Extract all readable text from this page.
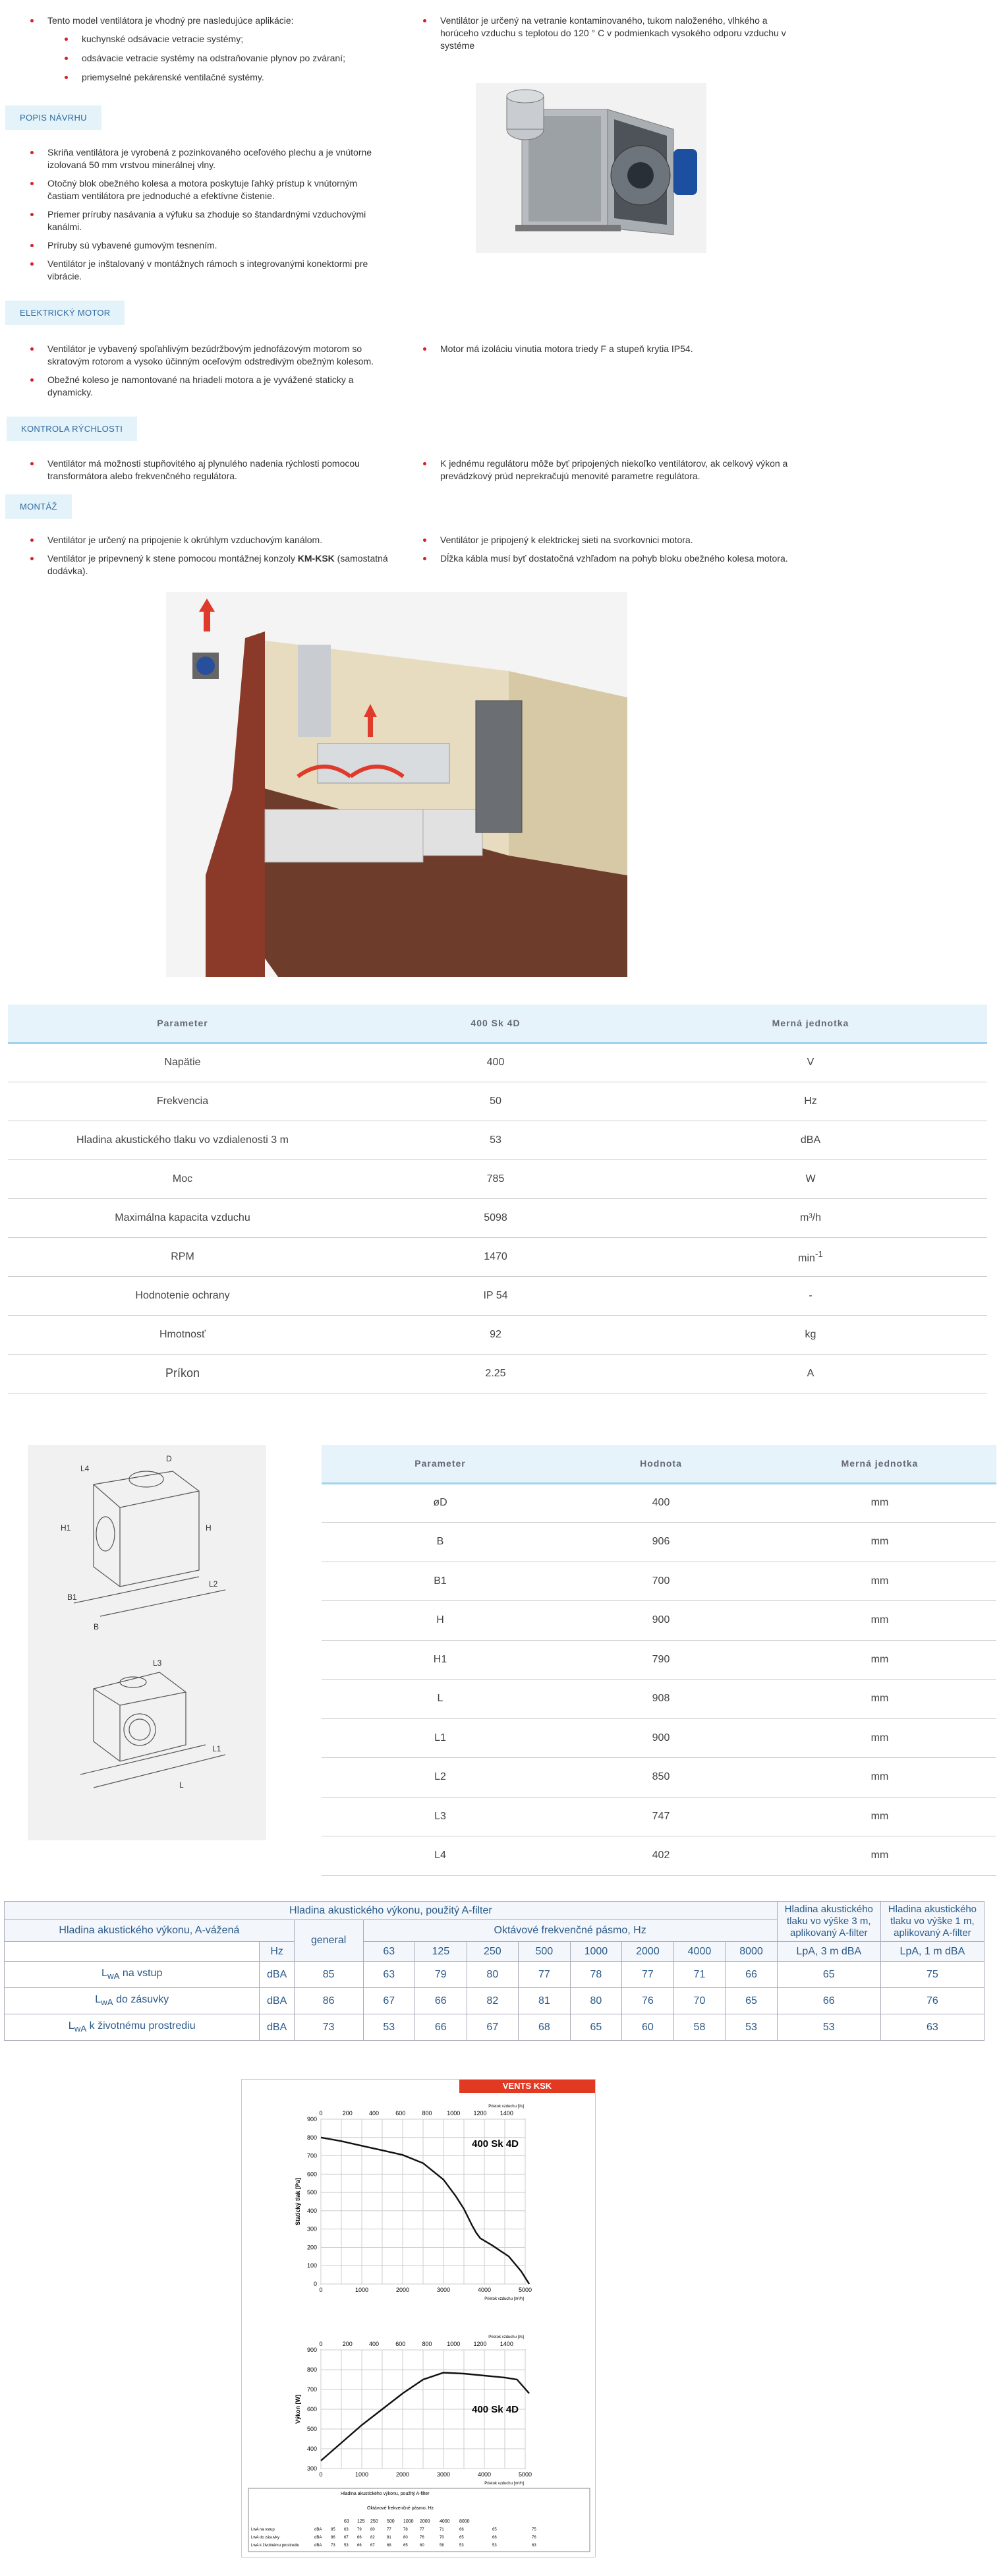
Tento model ventilátora je vhodný pre nasledujúce aplikácie:
kuchynské odsávacie vetracie systémy;
odsávacie vetracie systémy na odstraňovanie plynov po zváraní;
priemyselné pekárenské ventilačné systémy.
Ventilátor je určený na vetranie kontaminovaného, tukom naloženého, vlhkého a horúceho vzduchu s teplotou do 120 ° C v podmienkach vysokého odporu vzduchu v systéme
POPIS NÁVRHU
Skriňa ventilátora je vyrobená z pozinkovaného oceľového plechu a je vnútorne izolovaná 50 mm vrstvou minerálnej vlny.
Otočný blok obežného kolesa a motora poskytuje ľahký prístup k vnútorným častiam ventilátora pre jednoduché a efektívne čistenie.
Priemer príruby nasávania a výfuku sa zhoduje so štandardnými vzduchovými kanálmi.
Príruby sú vybavené gumovým tesnením.
Ventilátor je inštalovaný v montážnych rámoch s integrovanými konektormi pre vibrácie.
ELEKTRICKÝ MOTOR
Ventilátor je vybavený spoľahlivým bezúdržbovým jednofázovým motorom so skratovým rotorom a vysoko účinným oceľovým odstredivým obežným kolesom.
Obežné koleso je namontované na hriadeli motora a je vyvážené staticky a dynamicky.
Motor má izoláciu vinutia motora triedy F a stupeň krytia IP54.
KONTROLA RÝCHLOSTI
Ventilátor má možnosti stupňovitého aj plynulého nadenia rýchlosti pomocou transformátora alebo frekvenčného regulátora.
K jednému regulátoru môže byť pripojených niekoľko ventilátorov, ak celkový výkon a prevádzkový prúd neprekračujú menovité parametre regulátora.
MONTÁŽ
Ventilátor je určený na pripojenie k okrúhlym vzduchovým kanálom.
Ventilátor je pripevnený k stene pomocou montážnej konzoly KM-KSK (samostatná dodávka).
Ventilátor je pripojený k elektrickej sieti na svorkovnici motora.
Dĺžka kábla musí byť dostatočná vzhľadom na pohyb bloku obežného kolesa motora.
Parameter	400 Sk 4D	Merná jednotka
Napätie	400	V
Frekvencia	50	Hz
Hladina akustického tlaku vo vzdialenosti 3 m	53	dBA
Moc	785	W
Maximálna kapacita vzduchu	5098	m³/h
RPM	1470	$\min^{-1}$
Hodnotenie ochrany	IP 54	-
Hmotnosť	92	kg
Príkon	2.25	A
L4
D
H1	H
B1
B
L2
L3
L1
L
Parameter	Hodnota	Merná jednotka
øD	400	mm
B	906	mm
B1	700	mm
H	900	mm
H1	790	mm
L	908	mm
L1	900	mm
L2	850	mm
L3	747	mm
L4	402	mm
Hladina akustického výkonu, použitý A-filter											Hladina akustického tlaku vo výške 3 m, aplikovaný A-filter	Hladina akustického tlaku vo výške 1 m, aplikovaný A-filter
Hladina akustického výkonu, A-vážená		general	Oktávové frekvenčné pásmo, Hz									
	Hz		63	125	250	500	1000	2000	4000	8000	LpA, 3 m dBA	LpA, 1 m dBA
$L_{wA}$ na vstup	dBA	85	63	79	80	77	78	77	71	66	65	75
$L_{wA}$ do zásuvky	dBA	86	67	66	82	81	80	76	70	65	66	76
$L_{wA}$ k životnému prostrediu	dBA	73	53	66	67	68	65	60	58	53	53	63
VENTS KSK
0
100
200
300
400
500
600
700
800
900
0	1000	2000	3000	4000	5000
0	200	400	600	800	1000 1200 1400
Prietok vzduchu [l/s]
Prietok vzduchu [m³/h]
Statický tlak [Pa]
400 Sk 4D
300
400
500
600
700
800
900
0	1000	2000	3000	4000	5000
0	200	400	600	800	1000 1200 1400
Prietok vzduchu [l/s]
Prietok vzduchu [m³/h]
Výkon [W]	400 Sk 4D
Hladina akustického výkonu, použitý A-filter
Oktávové frekvenčné pásmo, Hz
63 125 250 500 1000 2000 4000 8000
LwA na vstup	dBA 85 63 79 80	77	78	77	71	66	65	75
LwA do zásuvky	dBA 86 67 66 82	81	80	76	70	65	66	76
LwA k životnému prostrediu	dBA 73 53 66 67	68	65	60	58	53	53	63
